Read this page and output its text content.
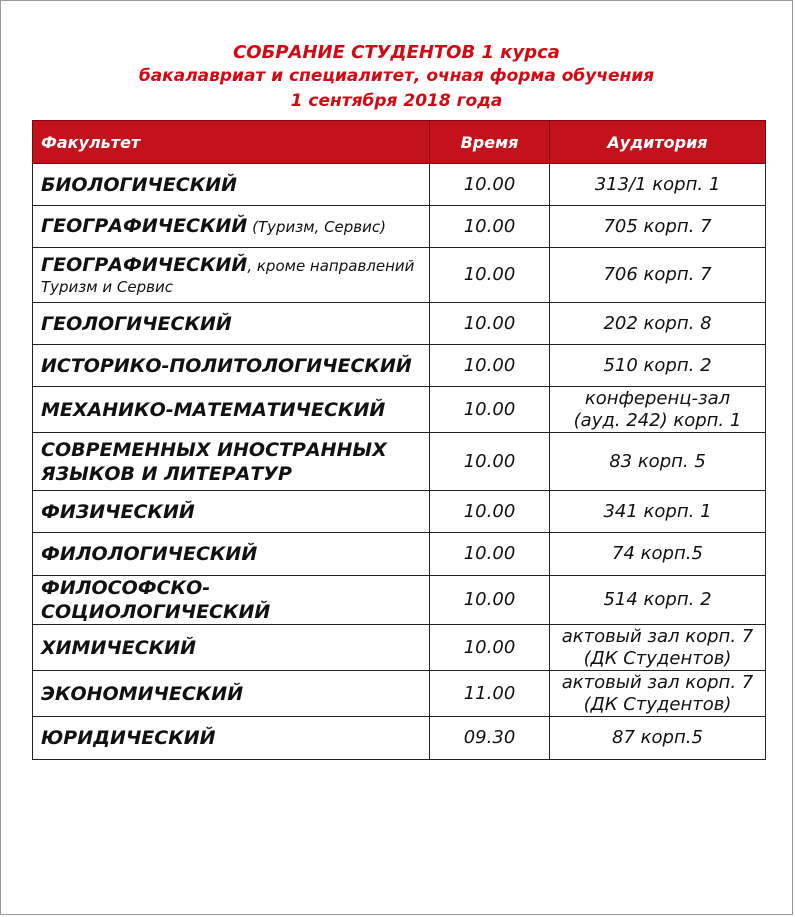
СОБРАНИЕ СТУДЕНТОВ 1 курса
бакалавриат и специалитет, очная форма обучения
1 сентября 2018 года
Факультет	Время	Аудитория
БИОЛОГИЧЕСКИЙ	10.00	313/1 корп. 1
ГЕОГРАФИЧЕСКИЙ (Туризм, Сервис)	10.00	705 корп. 7
ГЕОГРАФИЧЕСКИЙ, кроме направлений
Туризм и Сервис	10.00	706 корп. 7
ГЕОЛОГИЧЕСКИЙ	10.00	202 корп. 8
ИСТОРИКО-ПОЛИТОЛОГИЧЕСКИЙ	10.00	510 корп. 2
МЕХАНИКО-МАТЕМАТИЧЕСКИЙ	10.00	конференц-зал
(ауд. 242) корп. 1

СОВРЕМЕННЫХ ИНОСТРАННЫХ
ЯЗЫКОВ И ЛИТЕРАТУР	10.00	83 корп. 5
ФИЗИЧЕСКИЙ	10.00	341 корп. 1
ФИЛОЛОГИЧЕСКИЙ	10.00	74 корп.5
ФИЛОСОФСКО-СОЦИОЛОГИЧЕСКИЙ	10.00	514 корп. 2
ХИМИЧЕСКИЙ	10.00	актовый зал корп. 7
(ДК Студентов)

ЭКОНОМИЧЕСКИЙ	11.00	актовый зал корп. 7
(ДК Студентов)

ЮРИДИЧЕСКИЙ	09.30	87 корп.5
